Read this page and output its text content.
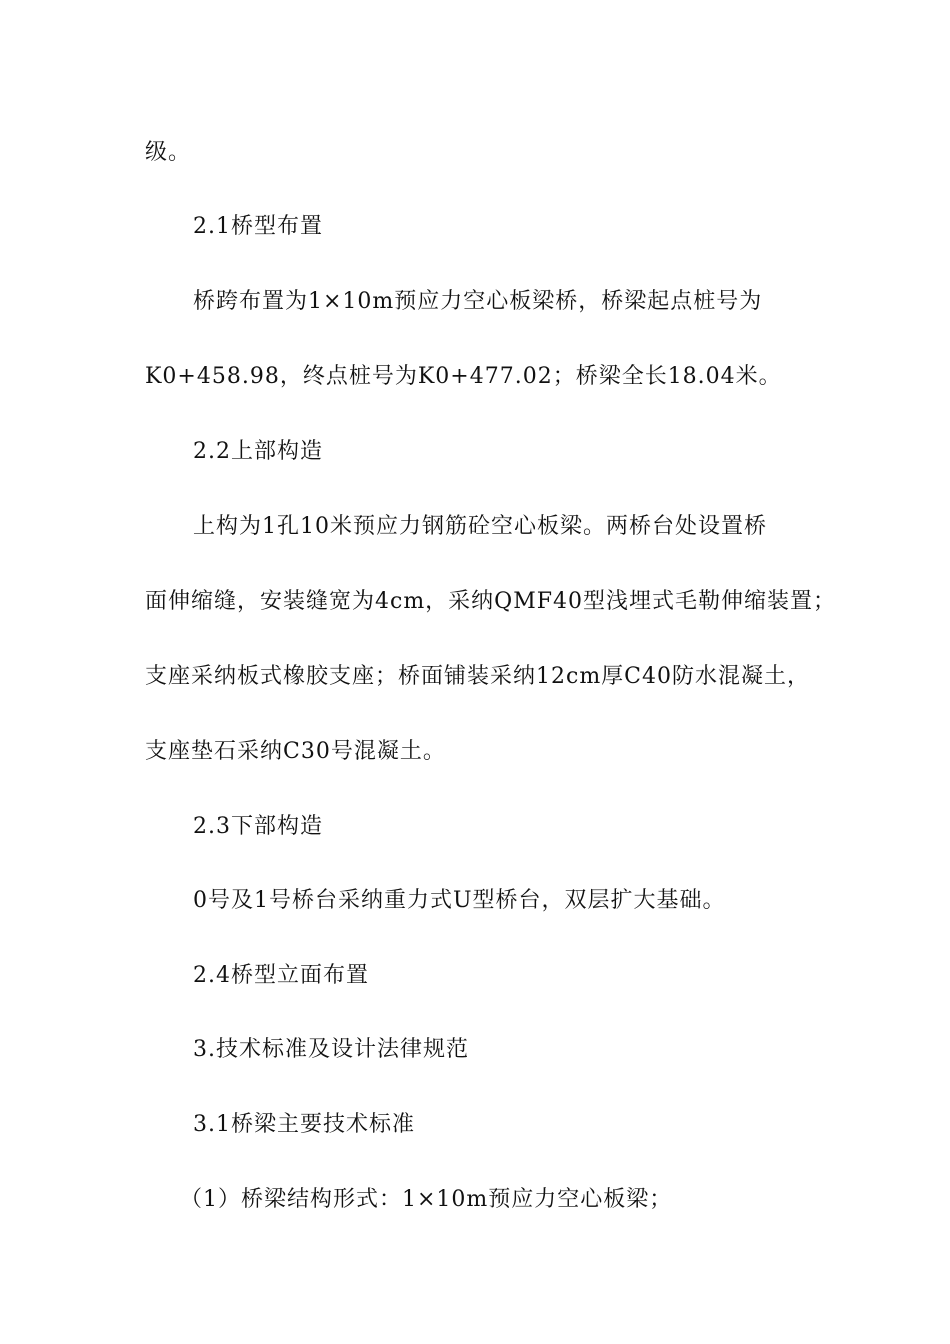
级。
2.1桥型布置
桥跨布置为1×10m预应力空心板梁桥，桥梁起点桩号为
K0+458.98，终点桩号为K0+477.02；桥梁全长18.04米。
2.2上部构造
上构为1孔10米预应力钢筋砼空心板梁。两桥台处设置桥
面伸缩缝，安装缝宽为4cm，采纳QMF40型浅埋式毛勒伸缩装置；
支座采纳板式橡胶支座；桥面铺装采纳12cm厚C40防水混凝土，
支座垫石采纳C30号混凝土。
2.3下部构造
0号及1号桥台采纳重力式U型桥台，双层扩大基础。
2.4桥型立面布置
3.技术标准及设计法律规范
3.1桥梁主要技术标准
（1）桥梁结构形式：1×10m预应力空心板梁；
